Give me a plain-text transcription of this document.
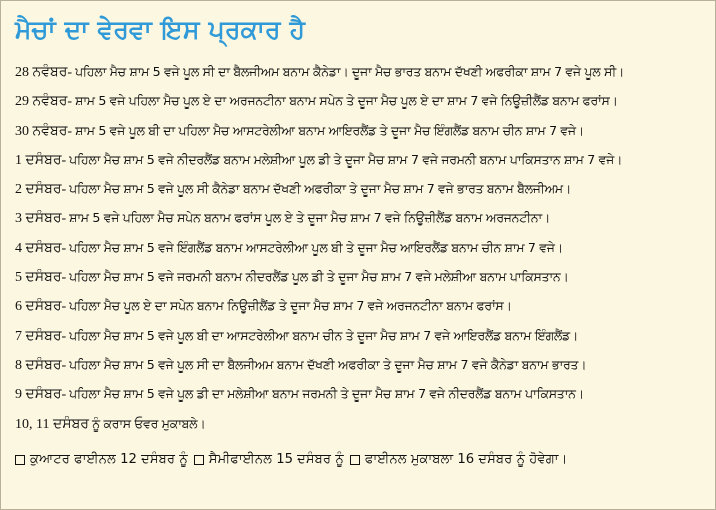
ਮੈਚਾਂ ਦਾ ਵੇਰਵਾ ਇਸ ਪ੍ਰਕਾਰ ਹੈ
28 ਨਵੰਬਰ- ਪਹਿਲਾ ਮੈਚ ਸ਼ਾਮ 5 ਵਜੇ ਪੂਲ ਸੀ ਦਾ ਬੈਲਜੀਅਮ ਬਨਾਮ ਕੈਨੇਡਾ। ਦੂਜਾ ਮੈਚ ਭਾਰਤ ਬਨਾਮ ਦੱਖਣੀ ਅਫਰੀਕਾ ਸ਼ਾਮ 7 ਵਜੇ ਪੂਲ ਸੀ।
29 ਨਵੰਬਰ- ਸ਼ਾਮ 5 ਵਜੇ ਪਹਿਲਾ ਮੈਚ ਪੂਲ ਏ ਦਾ ਅਰਜਨਟੀਨਾ ਬਨਾਮ ਸਪੇਨ ਤੇ ਦੂਜਾ ਮੈਚ ਪੂਲ ਏ ਦਾ ਸ਼ਾਮ 7 ਵਜੇ ਨਿਊਜ਼ੀਲੈਂਡ ਬਨਾਮ ਫਰਾਂਸ।
30 ਨਵੰਬਰ- ਸ਼ਾਮ 5 ਵਜੇ ਪੂਲ ਬੀ ਦਾ ਪਹਿਲਾ ਮੈਚ ਆਸਟਰੇਲੀਆ ਬਨਾਮ ਆਇਰਲੈਂਡ ਤੇ ਦੂਜਾ ਮੈਚ ਇੰਗਲੈਂਡ ਬਨਾਮ ਚੀਨ ਸ਼ਾਮ 7 ਵਜੇ।
1 ਦਸੰਬਰ- ਪਹਿਲਾ ਮੈਚ ਸ਼ਾਮ 5 ਵਜੇ ਨੀਦਰਲੈਂਡ ਬਨਾਮ ਮਲੇਸ਼ੀਆ ਪੂਲ ਡੀ ਤੇ ਦੂਜਾ ਮੈਚ ਸ਼ਾਮ 7 ਵਜੇ ਜਰਮਨੀ ਬਨਾਮ ਪਾਕਿਸਤਾਨ ਸ਼ਾਮ 7 ਵਜੇ।
2 ਦਸੰਬਰ- ਪਹਿਲਾ ਮੈਚ ਸ਼ਾਮ 5 ਵਜੇ ਪੂਲ ਸੀ ਕੈਨੇਡਾ ਬਨਾਮ ਦੱਖਣੀ ਅਫਰੀਕਾ ਤੇ ਦੂਜਾ ਮੈਚ ਸ਼ਾਮ 7 ਵਜੇ ਭਾਰਤ ਬਨਾਮ ਬੈਲਜੀਅਮ।
3 ਦਸੰਬਰ- ਸ਼ਾਮ 5 ਵਜੇ ਪਹਿਲਾ ਮੈਚ ਸਪੇਨ ਬਨਾਮ ਫਰਾਂਸ ਪੂਲ ਏ ਤੇ ਦੂਜਾ ਮੈਚ ਸ਼ਾਮ 7 ਵਜੇ ਨਿਊਜ਼ੀਲੈਂਡ ਬਨਾਮ ਅਰਜਨਟੀਨਾ।
4 ਦਸੰਬਰ- ਪਹਿਲਾ ਮੈਚ ਸ਼ਾਮ 5 ਵਜੇ ਇੰਗਲੈਂਡ ਬਨਾਮ ਆਸਟਰੇਲੀਆ ਪੂਲ ਬੀ ਤੇ ਦੂਜਾ ਮੈਚ ਆਇਰਲੈਂਡ ਬਨਾਮ ਚੀਨ ਸ਼ਾਮ 7 ਵਜੇ।
5 ਦਸੰਬਰ- ਪਹਿਲਾ ਮੈਚ ਸ਼ਾਮ 5 ਵਜੇ ਜਰਮਨੀ ਬਨਾਮ ਨੀਦਰਲੈਂਡ ਪੂਲ ਡੀ ਤੇ ਦੂਜਾ ਮੈਚ ਸ਼ਾਮ 7 ਵਜੇ ਮਲੇਸ਼ੀਆ ਬਨਾਮ ਪਾਕਿਸਤਾਨ।
6 ਦਸੰਬਰ- ਪਹਿਲਾ ਮੈਚ ਪੂਲ ਏ ਦਾ ਸਪੇਨ ਬਨਾਮ ਨਿਊਜ਼ੀਲੈਂਡ ਤੇ ਦੂਜਾ ਮੈਚ ਸ਼ਾਮ 7 ਵਜੇ ਅਰਜਨਟੀਨਾ ਬਨਾਮ ਫਰਾਂਸ।
7 ਦਸੰਬਰ- ਪਹਿਲਾ ਮੈਚ ਸ਼ਾਮ 5 ਵਜੇ ਪੂਲ ਬੀ ਦਾ ਆਸਟਰੇਲੀਆ ਬਨਾਮ ਚੀਨ ਤੇ ਦੂਜਾ ਮੈਚ ਸ਼ਾਮ 7 ਵਜੇ ਆਇਰਲੈਂਡ ਬਨਾਮ ਇੰਗਲੈਂਡ।
8 ਦਸੰਬਰ- ਪਹਿਲਾ ਮੈਚ ਸ਼ਾਮ 5 ਵਜੇ ਪੂਲ ਸੀ ਦਾ ਬੈਲਜੀਅਮ ਬਨਾਮ ਦੱਖਣੀ ਅਫਰੀਕਾ ਤੇ ਦੂਜਾ ਮੈਚ ਸ਼ਾਮ 7 ਵਜੇ ਕੈਨੇਡਾ ਬਨਾਮ ਭਾਰਤ।
9 ਦਸੰਬਰ- ਪਹਿਲਾ ਮੈਚ ਸ਼ਾਮ 5 ਵਜੇ ਪੂਲ ਡੀ ਦਾ ਮਲੇਸ਼ੀਆ ਬਨਾਮ ਜਰਮਨੀ ਤੇ ਦੂਜਾ ਮੈਚ ਸ਼ਾਮ 7 ਵਜੇ ਨੀਦਰਲੈਂਡ ਬਨਾਮ ਪਾਕਿਸਤਾਨ।
10, 11 ਦਸੰਬਰ ਨੂੰ ਕਰਾਸ ਓਵਰ ਮੁਕਾਬਲੇ।
ਕੁਆਟਰ ਫਾਈਨਲ 12 ਦਸੰਬਰ ਨੂੰ ਸੈਮੀਫਾਈਨਲ 15 ਦਸੰਬਰ ਨੂੰ ਫਾਈਨਲ ਮੁਕਾਬਲਾ 16 ਦਸੰਬਰ ਨੂੰ ਹੋਵੇਗਾ।
